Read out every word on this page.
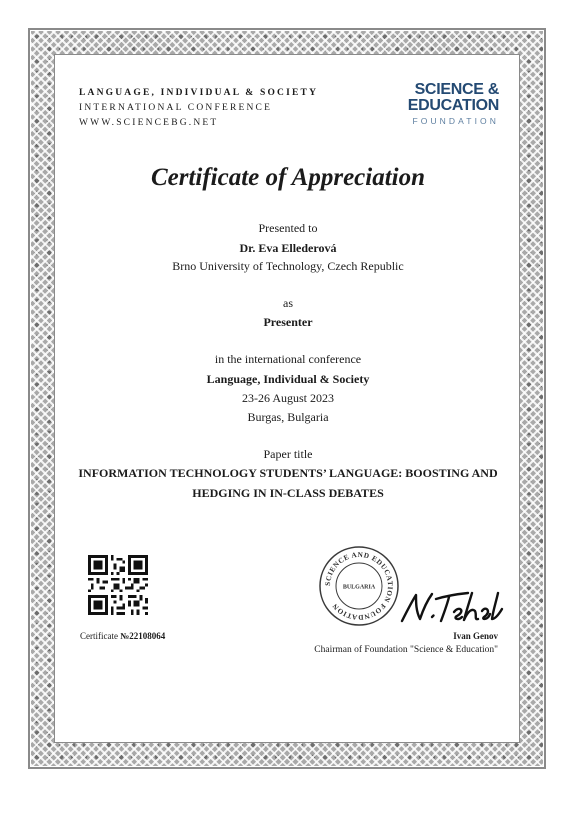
LANGUAGE, INDIVIDUAL & SOCIETY
INTERNATIONAL CONFERENCE
WWW.SCIENCEBG.NET
SCIENCE &
EDUCATION
FOUNDATION
Certificate of Appreciation
Presented to
Dr. Eva Ellederová
Brno University of Technology, Czech Republic
as
Presenter
in the international conference
Language, Individual & Society
23-26 August 2023
Burgas, Bulgaria
Paper title
INFORMATION TECHNOLOGY STUDENTS’ LANGUAGE: BOOSTING AND HEDGING IN IN-CLASS DEBATES
Certificate №22108064
SCIENCE AND EDUCATION FOUNDATION
BULGARIA
Ivan Genov
Chairman of Foundation "Science & Education"
